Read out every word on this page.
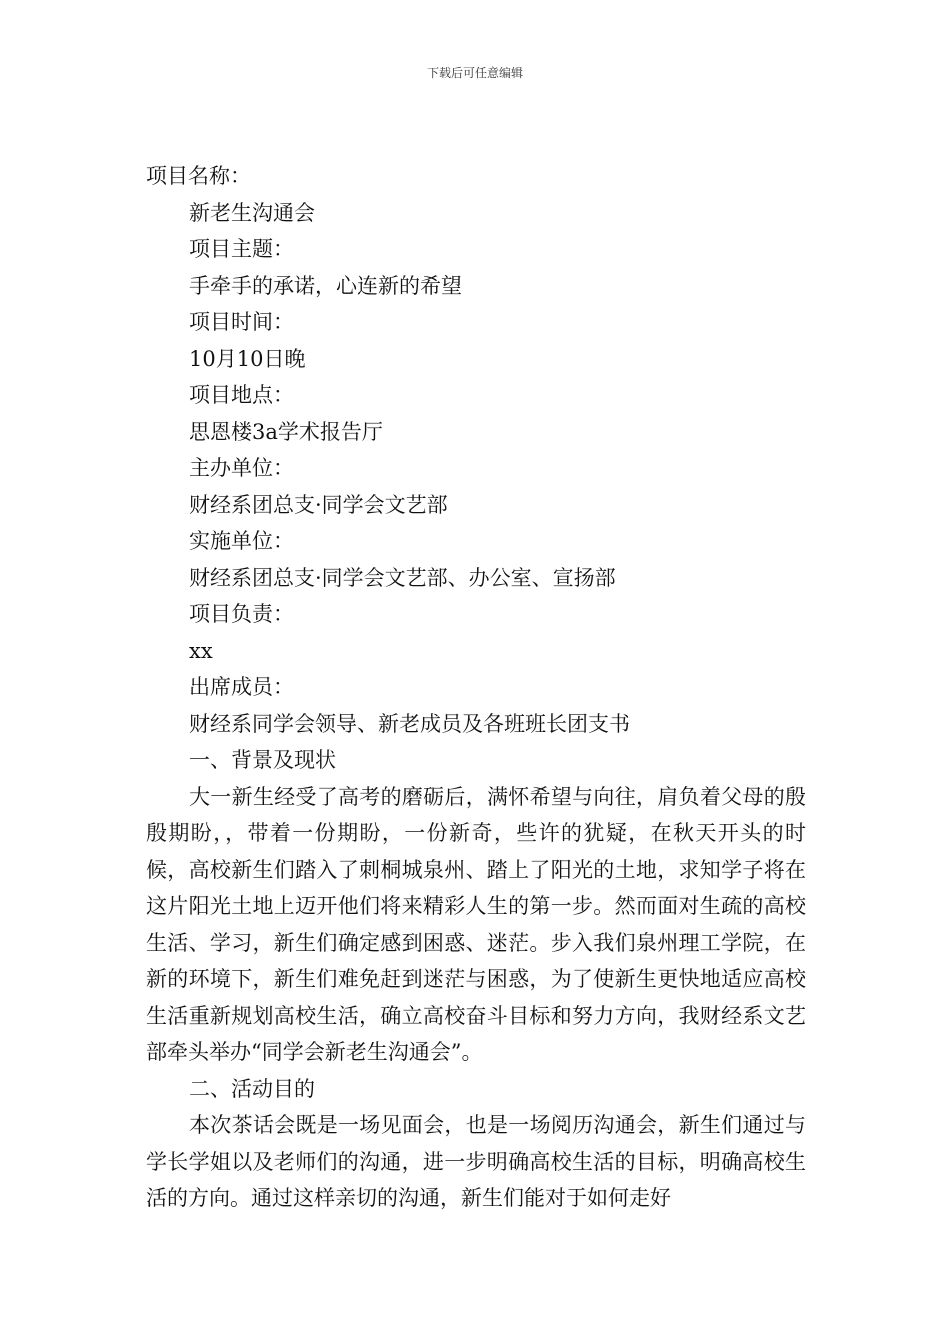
下载后可任意编辑
项目名称：
新老生沟通会
项目主题：
手牵手的承诺，心连新的希望
项目时间：
10月10日晚
项目地点：
思恩楼3a学术报告厅
主办单位：
财经系团总支·同学会文艺部
实施单位：
财经系团总支·同学会文艺部、办公室、宣扬部
项目负责：
xx
出席成员：
财经系同学会领导、新老成员及各班班长团支书
一、背景及现状

大一新生经受了高考的磨砺后，满怀希望与向往，肩负着父母的殷殷期盼，，带着一份期盼，一份新奇，些许的犹疑，在秋天开头的时候，高校新生们踏入了刺桐城泉州、踏上了阳光的土地，求知学子将在这片阳光土地上迈开他们将来精彩人生的第一步。然而面对生疏的高校生活、学习，新生们确定感到困惑、迷茫。步入我们泉州理工学院，在新的环境下，新生们难免赶到迷茫与困惑，为了使新生更快地适应高校生活重新规划高校生活，确立高校奋斗目标和努力方向，我财经系文艺部牵头举办“同学会新老生沟通会”。

二、活动目的

本次茶话会既是一场见面会，也是一场阅历沟通会，新生们通过与学长学姐以及老师们的沟通，进一步明确高校生活的目标，明确高校生活的方向。通过这样亲切的沟通，新生们能对于如何走好
